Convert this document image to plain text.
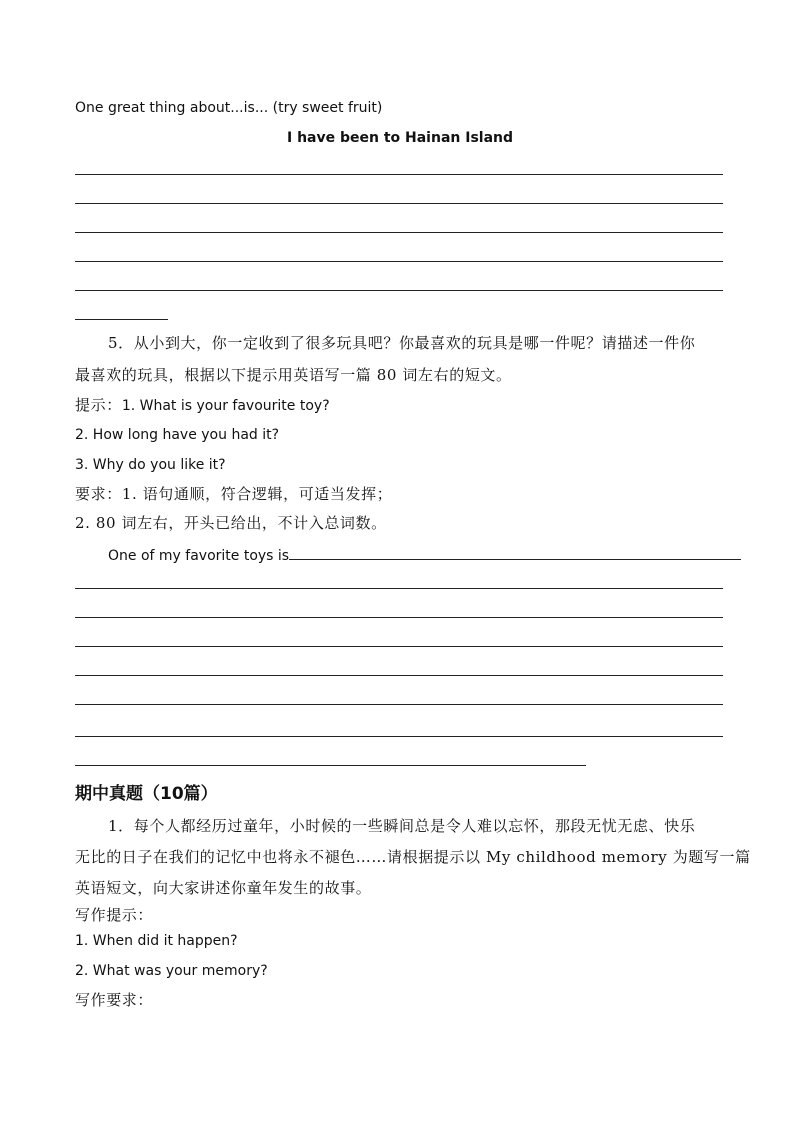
One great thing about...is... (try sweet fruit)
I have been to Hainan Island
5．从小到大，你一定收到了很多玩具吧？你最喜欢的玩具是哪一件呢？请描述一件你
最喜欢的玩具，根据以下提示用英语写一篇 80 词左右的短文。
提示：1. What is your favourite toy?
2. How long have you had it?
3. Why do you like it?
要求：1. 语句通顺，符合逻辑，可适当发挥；
2. 80 词左右，开头已给出，不计入总词数。
One of my favorite toys is
期中真题（10篇）
1．每个人都经历过童年，小时候的一些瞬间总是令人难以忘怀，那段无忧无虑、快乐
无比的日子在我们的记忆中也将永不褪色……请根据提示以 My childhood memory 为题写一篇
英语短文，向大家讲述你童年发生的故事。
写作提示：
1. When did it happen?
2. What was your memory?
写作要求：
